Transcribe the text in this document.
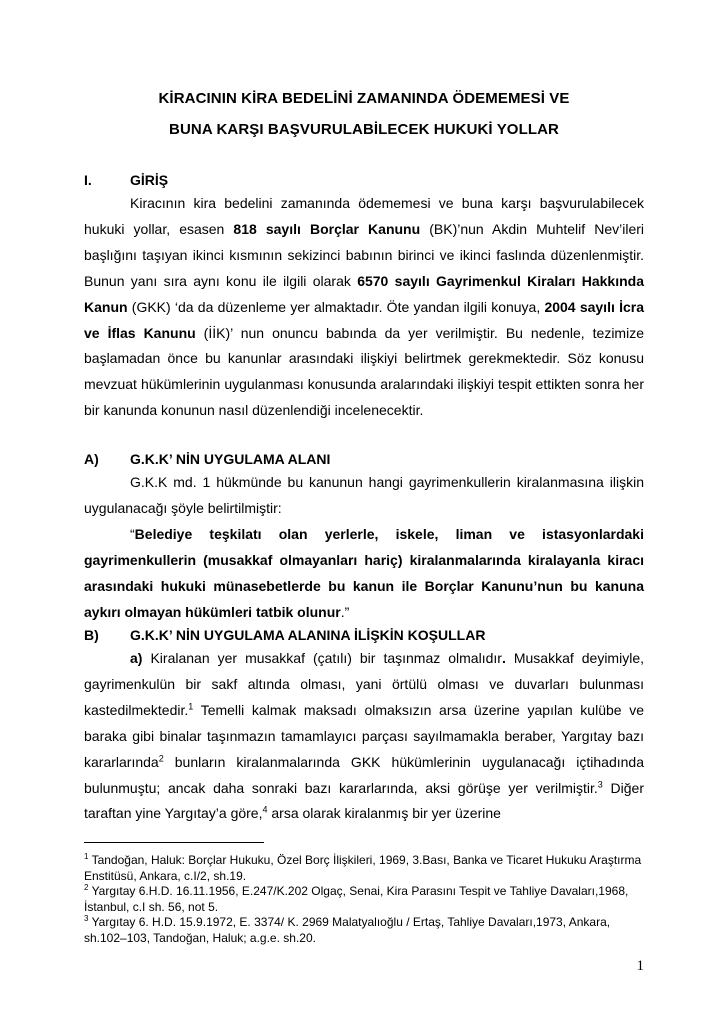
KİRACININ KİRA BEDELİNİ ZAMANINDA ÖDEMEMESİ VE
BUNA KARŞI BAŞVURULABİLECEK HUKUKİ YOLLAR
I.	GİRİŞ

Kiracının kira bedelini zamanında ödememesi ve buna karşı başvurulabilecek hukuki yollar, esasen 818 sayılı Borçlar Kanunu (BK)’nun Akdin Muhtelif Nev’ileri başlığını taşıyan ikinci kısmının sekizinci babının birinci ve ikinci faslında düzenlenmiştir. Bunun yanı sıra aynı konu ile ilgili olarak 6570 sayılı Gayrimenkul Kiraları Hakkında Kanun (GKK) ‘da da düzenleme yer almaktadır. Öte yandan ilgili konuya, 2004 sayılı İcra ve İflas Kanunu (İİK)’ nun onuncu babında da yer verilmiştir. Bu nedenle, tezimize başlamadan önce bu kanunlar arasındaki ilişkiyi belirtmek gerekmektedir. Söz konusu mevzuat hükümlerinin uygulanması konusunda aralarındaki ilişkiyi tespit ettikten sonra her bir kanunda konunun nasıl düzenlendiği incelenecektir.

A) G.K.K’ NİN UYGULAMA ALANI

G.K.K md. 1 hükmünde bu kanunun hangi gayrimenkullerin kiralanmasına ilişkin uygulanacağı şöyle belirtilmiştir:

“Belediye teşkilatı olan yerlerle, iskele, liman ve istasyonlardaki gayrimenkullerin (musakkaf olmayanları hariç) kiralanmalarında kiralayanla kiracı arasındaki hukuki münasebetlerde bu kanun ile Borçlar Kanunu’nun bu kanuna aykırı olmayan hükümleri tatbik olunur.”

B) G.K.K’ NİN UYGULAMA ALANINA İLİŞKİN KOŞULLAR

a) Kiralanan yer musakkaf (çatılı) bir taşınmaz olmalıdır. Musakkaf deyimiyle, gayrimenkulün bir sakf altında olması, yani örtülü olması ve duvarları bulunması kastedilmektedir.$^1$ Temelli kalmak maksadı olmaksızın arsa üzerine yapılan kulübe ve baraka gibi binalar taşınmazın tamamlayıcı parçası sayılmamakla beraber, Yargıtay bazı kararlarında$^2$ bunların kiralanmalarında GKK hükümlerinin uygulanacağı içtihadında bulunmuştu; ancak daha sonraki bazı kararlarında, aksi görüşe yer verilmiştir.$^3$ Diğer taraftan yine Yargıtay’a göre,$^4$ arsa olarak kiralanmış bir yer üzerine

$^1$ Tandoğan, Haluk: Borçlar Hukuku, Özel Borç İlişkileri, 1969, 3.Bası, Banka ve Ticaret Hukuku Araştırma Enstitüsü, Ankara, c.I/2, sh.19.

$^2$ Yargıtay 6.H.D. 16.11.1956, E.247/K.202 Olgaç, Senai, Kira Parasını Tespit ve Tahliye Davaları,1968, İstanbul, c.I sh. 56, not 5.

$^3$ Yargıtay 6. H.D. 15.9.1972, E. 3374/ K. 2969 Malatyalıoğlu / Ertaş, Tahliye Davaları,1973, Ankara, sh.102–103, Tandoğan, Haluk; a.g.e. sh.20.

1
